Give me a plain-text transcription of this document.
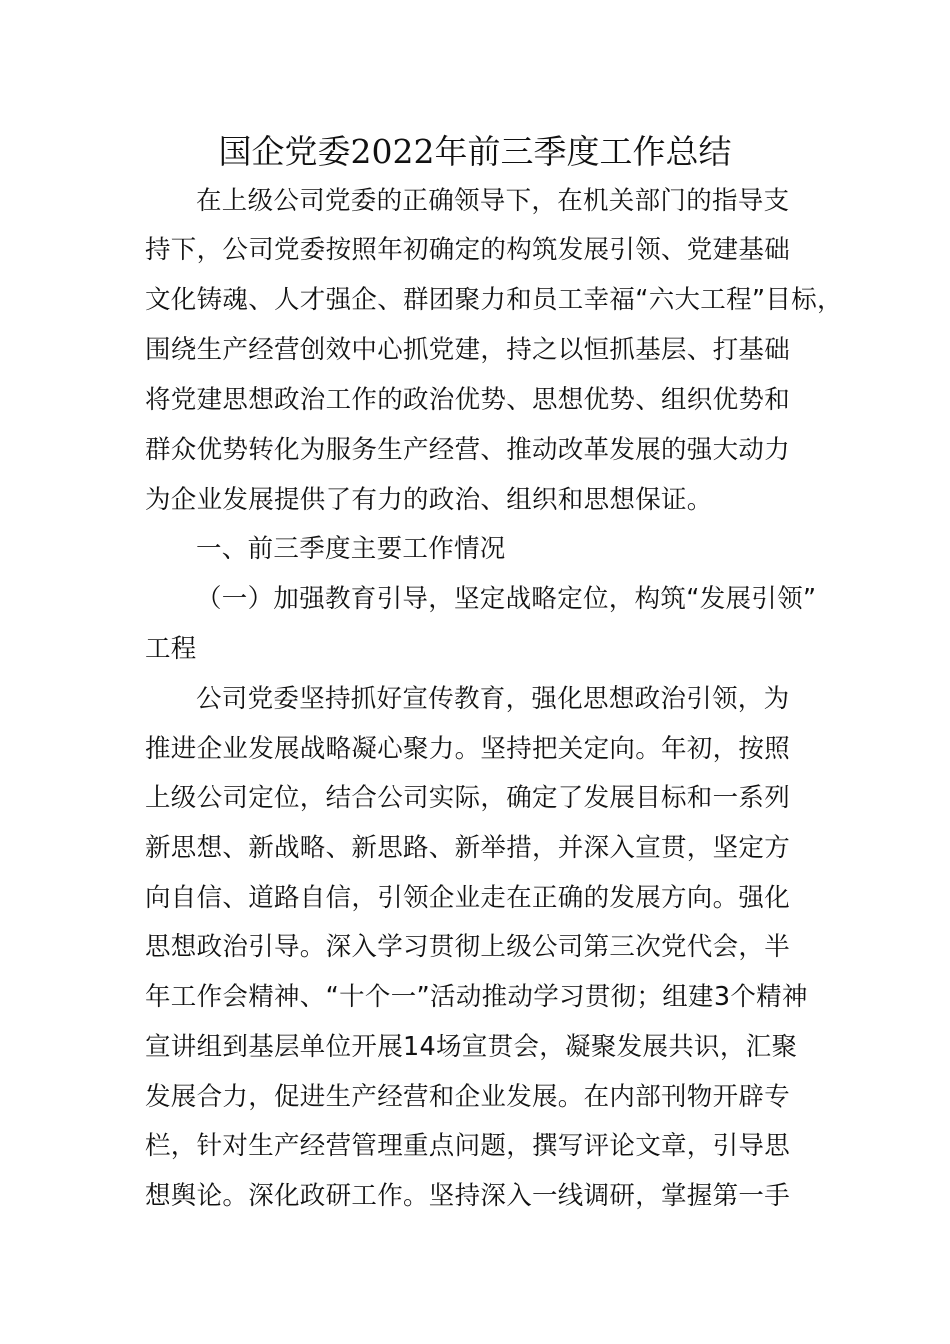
国企党委2022年前三季度工作总结
在上级公司党委的正确领导下，在机关部门的指导支
持下，公司党委按照年初确定的构筑发展引领、党建基础
文化铸魂、人才强企、群团聚力和员工幸福“六大工程”目标，
围绕生产经营创效中心抓党建，持之以恒抓基层、打基础
将党建思想政治工作的政治优势、思想优势、组织优势和
群众优势转化为服务生产经营、推动改革发展的强大动力
为企业发展提供了有力的政治、组织和思想保证。
一、前三季度主要工作情况
（一）加强教育引导，坚定战略定位，构筑“发展引领”
工程
公司党委坚持抓好宣传教育，强化思想政治引领，为
推进企业发展战略凝心聚力。坚持把关定向。年初，按照
上级公司定位，结合公司实际，确定了发展目标和一系列
新思想、新战略、新思路、新举措，并深入宣贯，坚定方
向自信、道路自信，引领企业走在正确的发展方向。强化
思想政治引导。深入学习贯彻上级公司第三次党代会，半
年工作会精神、“十个一”活动推动学习贯彻；组建3个精神
宣讲组到基层单位开展14场宣贯会，凝聚发展共识，汇聚
发展合力，促进生产经营和企业发展。在内部刊物开辟专
栏，针对生产经营管理重点问题，撰写评论文章，引导思
想舆论。深化政研工作。坚持深入一线调研，掌握第一手
